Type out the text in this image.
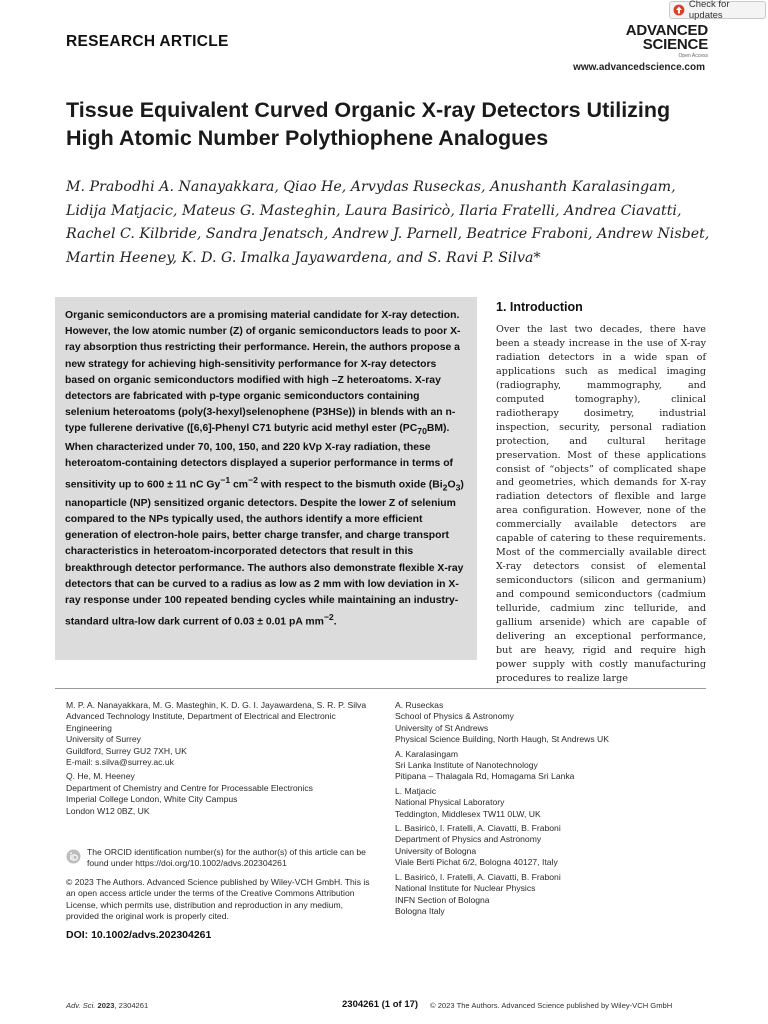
Check for updates
RESEARCH ARTICLE
ADVANCED
SCIENCE
Open Access
www.advancedscience.com
Tissue Equivalent Curved Organic X-ray Detectors Utilizing High Atomic Number Polythiophene Analogues
M. Prabodhi A. Nanayakkara, Qiao He, Arvydas Ruseckas, Anushanth Karalasingam, Lidija Matjacic, Mateus G. Masteghin, Laura Basiricò, Ilaria Fratelli, Andrea Ciavatti, Rachel C. Kilbride, Sandra Jenatsch, Andrew J. Parnell, Beatrice Fraboni, Andrew Nisbet, Martin Heeney, K. D. G. Imalka Jayawardena, and S. Ravi P. Silva*
Organic semiconductors are a promising material candidate for X-ray detection. However, the low atomic number (Z) of organic semiconductors leads to poor X-ray absorption thus restricting their performance. Herein, the authors propose a new strategy for achieving high-sensitivity performance for X-ray detectors based on organic semiconductors modified with high –Z heteroatoms. X-ray detectors are fabricated with p-type organic semiconductors containing selenium heteroatoms (poly(3-hexyl)selenophene (P3HSe)) in blends with an n-type fullerene derivative ([6,6]-Phenyl C71 butyric acid methyl ester $(PC_{70}BM)$. When characterized under 70, 100, 150, and 220 kVp X-ray radiation, these heteroatom-containing detectors displayed a superior performance in terms of sensitivity up to 600 ± 11 nC $Gy^{-1}$ $cm^{-2}$ with respect to the bismuth oxide $(Bi_2O_3)$ nanoparticle (NP) sensitized organic detectors. Despite the lower Z of selenium compared to the NPs typically used, the authors identify a more efficient generation of electron-hole pairs, better charge transfer, and charge transport characteristics in heteroatom-incorporated detectors that result in this breakthrough detector performance. The authors also demonstrate flexible X-ray detectors that can be curved to a radius as low as 2 mm with low deviation in X-ray response under 100 repeated bending cycles while maintaining an industry-standard ultra-low dark current of 0.03 ± 0.01 pA $mm^{-2}$.
1. Introduction
Over the last two decades, there have been a steady increase in the use of X-ray radiation detectors in a wide span of applications such as medical imaging (radiography, mammography, and computed tomography), clinical radiotherapy dosimetry, industrial inspection, security, personal radiation protection, and cultural heritage preservation. Most of these applications consist of “objects” of complicated shape and geometries, which demands for X-ray radiation detectors of flexible and large area configuration. However, none of the commercially available detectors are capable of catering to these requirements. Most of the commercially available direct X-ray detectors consist of elemental semiconductors (silicon and germanium) and compound semiconductors (cadmium telluride, cadmium zinc telluride, and gallium arsenide) which are capable of delivering an exceptional performance, but are heavy, rigid and require high power supply with costly manufacturing procedures to realize large
M. P. A. Nanayakkara, M. G. Masteghin, K. D. G. I. Jayawardena, S. R. P. Silva
Advanced Technology Institute, Department of Electrical and Electronic Engineering
University of Surrey
Guildford, Surrey GU2 7XH, UK
E-mail: s.silva@surrey.ac.uk
Q. He, M. Heeney
Department of Chemistry and Centre for Processable Electronics
Imperial College London, White City Campus
London W12 0BZ, UK
A. Ruseckas
School of Physics & Astronomy
University of St Andrews
Physical Science Building, North Haugh, St Andrews UK
A. Karalasingam
Sri Lanka Institute of Nanotechnology
Pitipana – Thalagala Rd, Homagama Sri Lanka
L. Matjacic
National Physical Laboratory
Teddington, Middlesex TW11 0LW, UK
L. Basiricò, I. Fratelli, A. Ciavatti, B. Fraboni
Department of Physics and Astronomy
University of Bologna
Viale Berti Pichat 6/2, Bologna 40127, Italy
L. Basiricò, I. Fratelli, A. Ciavatti, B. Fraboni
National Institute for Nuclear Physics
INFN Section of Bologna
Bologna Italy
The ORCID identification number(s) for the author(s) of this article can be found under https://doi.org/10.1002/advs.202304261
© 2023 The Authors. Advanced Science published by Wiley-VCH GmbH. This is an open access article under the terms of the Creative Commons Attribution License, which permits use, distribution and reproduction in any medium, provided the original work is properly cited.
DOI: 10.1002/advs.202304261
Adv. Sci. 2023, 2304261	2304261 (1 of 17) © 2023 The Authors. Advanced Science published by Wiley-VCH GmbH
